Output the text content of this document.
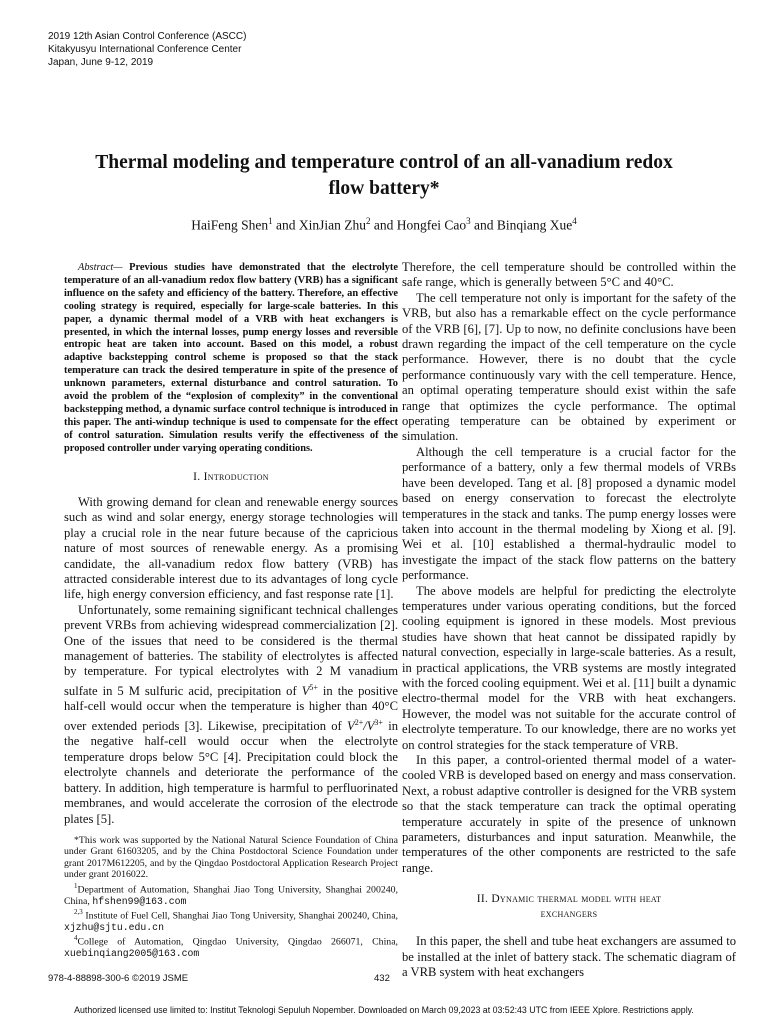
2019 12th Asian Control Conference (ASCC)
Kitakyusyu International Conference Center
Japan, June 9-12, 2019
Thermal modeling and temperature control of an all-vanadium redox
flow battery*
HaiFeng Shen$^1$ and XinJian Zhu$^2$ and Hongfei Cao$^3$ and Binqiang Xue$^4$

Abstract— Previous studies have demonstrated that the electrolyte temperature of an all-vanadium redox flow battery (VRB) has a significant influence on the safety and efficiency of the battery. Therefore, an effective cooling strategy is required, especially for large-scale batteries. In this paper, a dynamic thermal model of a VRB with heat exchangers is presented, in which the internal losses, pump energy losses and reversible entropic heat are taken into account. Based on this model, a robust adaptive backstepping control scheme is proposed so that the stack temperature can track the desired temperature in spite of the presence of unknown parameters, external disturbance and control saturation. To avoid the problem of the “explosion of complexity” in the conventional backstepping method, a dynamic surface control technique is introduced in this paper. The anti-windup technique is used to compensate for the effect of control saturation. Simulation results verify the effectiveness of the proposed controller under varying operating conditions.

I. Introduction

With growing demand for clean and renewable energy sources such as wind and solar energy, energy storage technologies will play a crucial role in the near future because of the capricious nature of most sources of renewable energy. As a promising candidate, the all-vanadium redox flow battery (VRB) has attracted considerable interest due to its advantages of long cycle life, high energy conversion efficiency, and fast response rate [1].

Unfortunately, some remaining significant technical challenges prevent VRBs from achieving widespread commercialization [2]. One of the issues that need to be considered is the thermal management of batteries. The stability of electrolytes is affected by temperature. For typical electrolytes with 2 M vanadium sulfate in 5 M sulfuric acid, precipitation of $V^{5+}$ in the positive half-cell would occur when the temperature is higher than 40°C over extended periods [3]. Likewise, precipitation of $V^{2+}/V^{3+}$ in the negative half-cell would occur when the electrolyte temperature drops below 5°C [4]. Precipitation could block the electrolyte channels and deteriorate the performance of the battery. In addition, high temperature is harmful to perfluorinated membranes, and would accelerate the corrosion of the electrode plates [5].

*This work was supported by the National Natural Science Foundation of China under Grant 61603205, and by the China Postdoctoral Science Foundation under grant 2017M612205, and by the Qingdao Postdoctoral Application Research Project under grant 2016022.

$^1$Department of Automation, Shanghai Jiao Tong University, Shanghai 200240, China, hfshen99@163.com

$^{2,3}$ Institute of Fuel Cell, Shanghai Jiao Tong University, Shanghai 200240, China, xjzhu@sjtu.edu.cn

$^4$College of Automation, Qingdao University, Qingdao 266071, China, xuebinqiang2005@163.com

Therefore, the cell temperature should be controlled within the safe range, which is generally between 5°C and 40°C.

The cell temperature not only is important for the safety of the VRB, but also has a remarkable effect on the cycle performance of the VRB [6], [7]. Up to now, no definite conclusions have been drawn regarding the impact of the cell temperature on the cycle performance. However, there is no doubt that the cycle performance continuously vary with the cell temperature. Hence, an optimal operating temperature should exist within the safe range that optimizes the cycle performance. The optimal operating temperature can be obtained by experiment or simulation.

Although the cell temperature is a crucial factor for the performance of a battery, only a few thermal models of VRBs have been developed. Tang et al. [8] proposed a dynamic model based on energy conservation to forecast the electrolyte temperatures in the stack and tanks. The pump energy losses were taken into account in the thermal modeling by Xiong et al. [9]. Wei et al. [10] established a thermal-hydraulic model to investigate the impact of the stack flow patterns on the battery performance.

The above models are helpful for predicting the electrolyte temperatures under various operating conditions, but the forced cooling equipment is ignored in these models. Most previous studies have shown that heat cannot be dissipated rapidly by natural convection, especially in large-scale batteries. As a result, in practical applications, the VRB systems are mostly integrated with the forced cooling equipment. Wei et al. [11] built a dynamic electro-thermal model for the VRB with heat exchangers. However, the model was not suitable for the accurate control of electrolyte temperature. To our knowledge, there are no works yet on control strategies for the stack temperature of VRB.

In this paper, a control-oriented thermal model of a water-cooled VRB is developed based on energy and mass conservation. Next, a robust adaptive controller is designed for the VRB system so that the stack temperature can track the optimal operating temperature accurately in spite of the presence of unknown parameters, disturbances and input saturation. Meanwhile, the temperatures of the other components are restricted to the safe range.

II. Dynamic thermal model with heat
exchangers

In this paper, the shell and tube heat exchangers are assumed to be installed at the inlet of battery stack. The schematic diagram of a VRB system with heat exchangers

978-4-88898-300-6 ©2019 JSME	432
Authorized licensed use limited to: Institut Teknologi Sepuluh Nopember. Downloaded on March 09,2023 at 03:52:43 UTC from IEEE Xplore. Restrictions apply.
